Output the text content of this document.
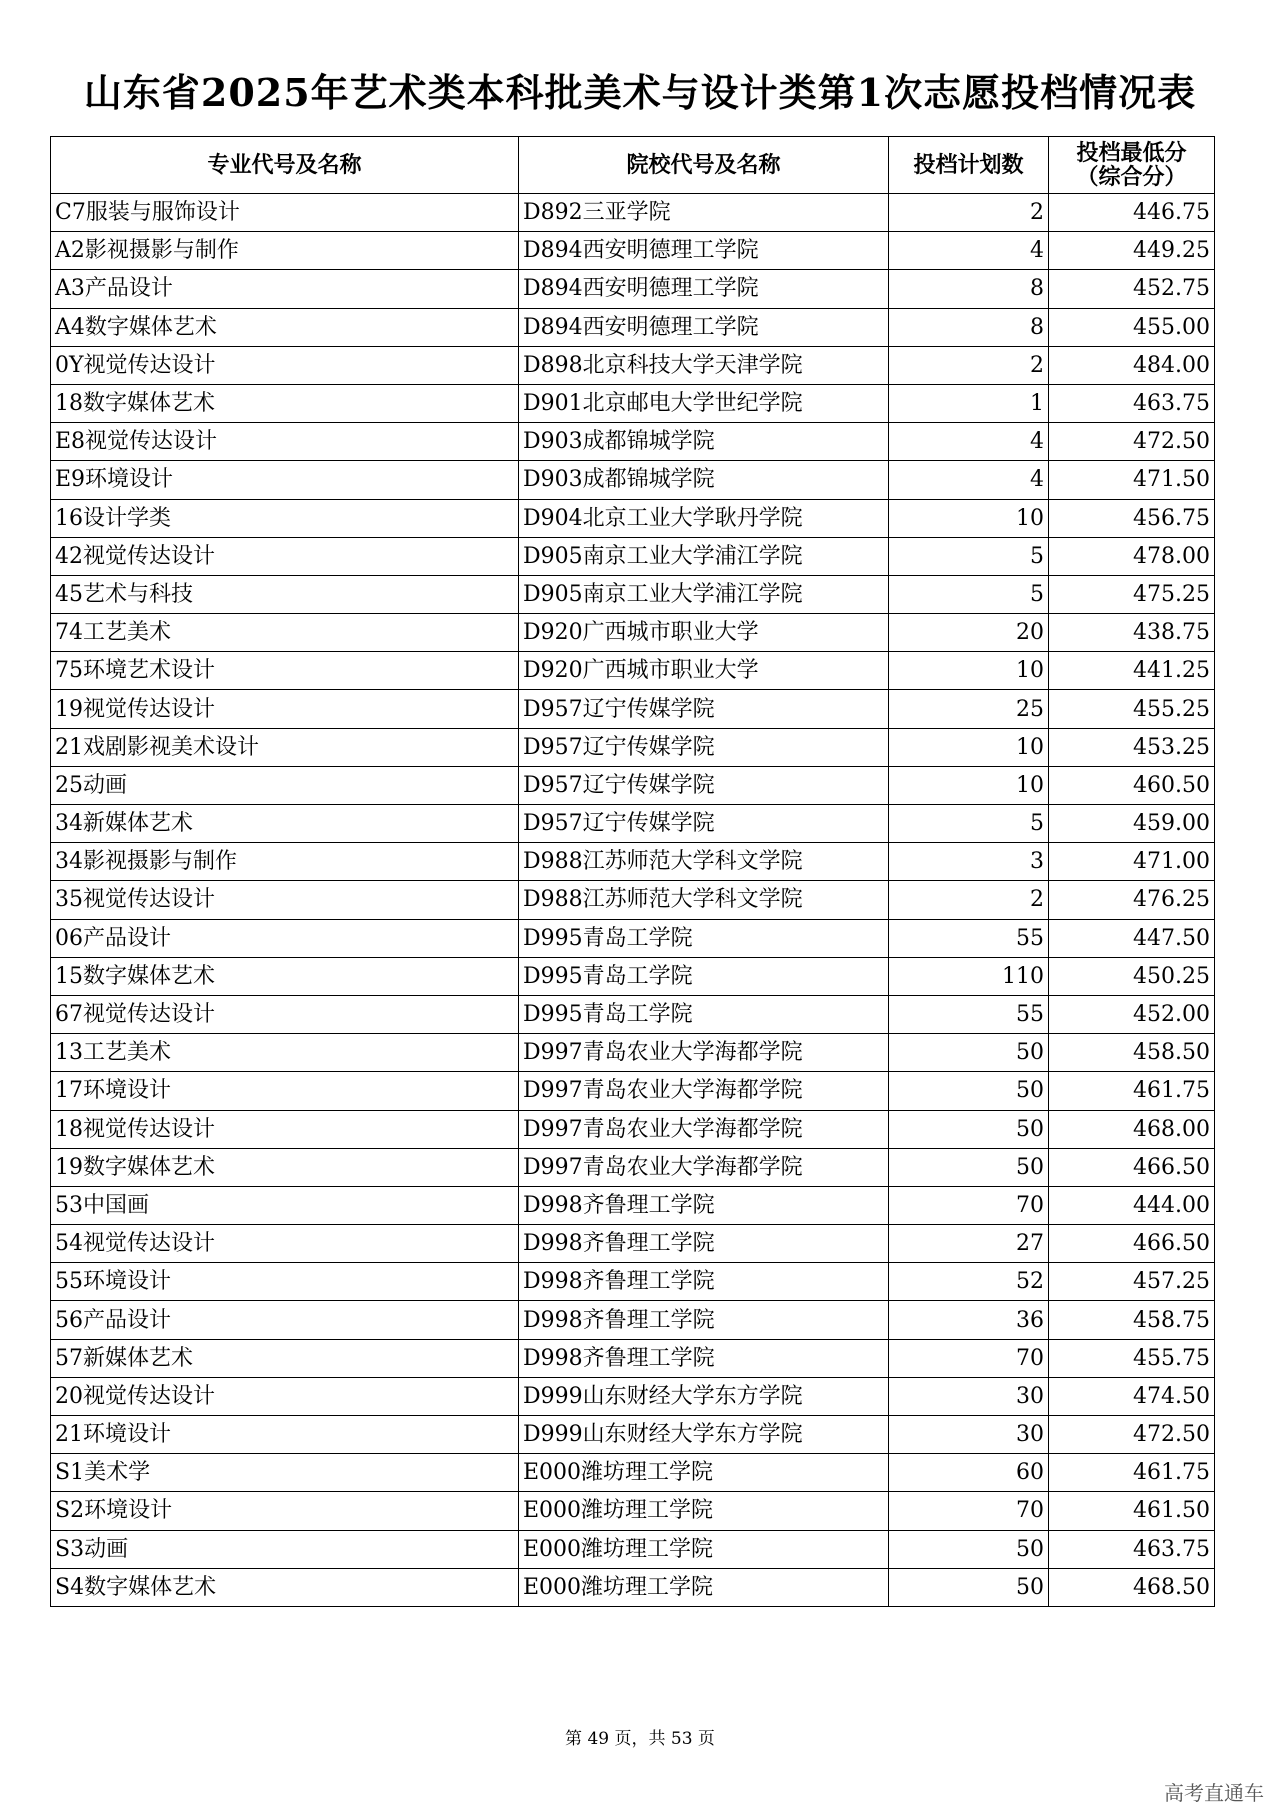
山东省2025年艺术类本科批美术与设计类第1次志愿投档情况表
专业代号及名称	院校代号及名称	投档计划数	投档最低分
（综合分）

C7服装与服饰设计	D892三亚学院	2	446.75
A2影视摄影与制作	D894西安明德理工学院	4	449.25
A3产品设计	D894西安明德理工学院	8	452.75
A4数字媒体艺术	D894西安明德理工学院	8	455.00
0Y视觉传达设计	D898北京科技大学天津学院	2	484.00
18数字媒体艺术	D901北京邮电大学世纪学院	1	463.75
E8视觉传达设计	D903成都锦城学院	4	472.50
E9环境设计	D903成都锦城学院	4	471.50
16设计学类	D904北京工业大学耿丹学院	10	456.75
42视觉传达设计	D905南京工业大学浦江学院	5	478.00
45艺术与科技	D905南京工业大学浦江学院	5	475.25
74工艺美术	D920广西城市职业大学	20	438.75
75环境艺术设计	D920广西城市职业大学	10	441.25
19视觉传达设计	D957辽宁传媒学院	25	455.25
21戏剧影视美术设计	D957辽宁传媒学院	10	453.25
25动画	D957辽宁传媒学院	10	460.50
34新媒体艺术	D957辽宁传媒学院	5	459.00
34影视摄影与制作	D988江苏师范大学科文学院	3	471.00
35视觉传达设计	D988江苏师范大学科文学院	2	476.25
06产品设计	D995青岛工学院	55	447.50
15数字媒体艺术	D995青岛工学院	110	450.25
67视觉传达设计	D995青岛工学院	55	452.00
13工艺美术	D997青岛农业大学海都学院	50	458.50
17环境设计	D997青岛农业大学海都学院	50	461.75
18视觉传达设计	D997青岛农业大学海都学院	50	468.00
19数字媒体艺术	D997青岛农业大学海都学院	50	466.50
53中国画	D998齐鲁理工学院	70	444.00
54视觉传达设计	D998齐鲁理工学院	27	466.50
55环境设计	D998齐鲁理工学院	52	457.25
56产品设计	D998齐鲁理工学院	36	458.75
57新媒体艺术	D998齐鲁理工学院	70	455.75
20视觉传达设计	D999山东财经大学东方学院	30	474.50
21环境设计	D999山东财经大学东方学院	30	472.50
S1美术学	E000潍坊理工学院	60	461.75
S2环境设计	E000潍坊理工学院	70	461.50
S3动画	E000潍坊理工学院	50	463.75
S4数字媒体艺术	E000潍坊理工学院	50	468.50
第 49 页，共 53 页
高考直通车
